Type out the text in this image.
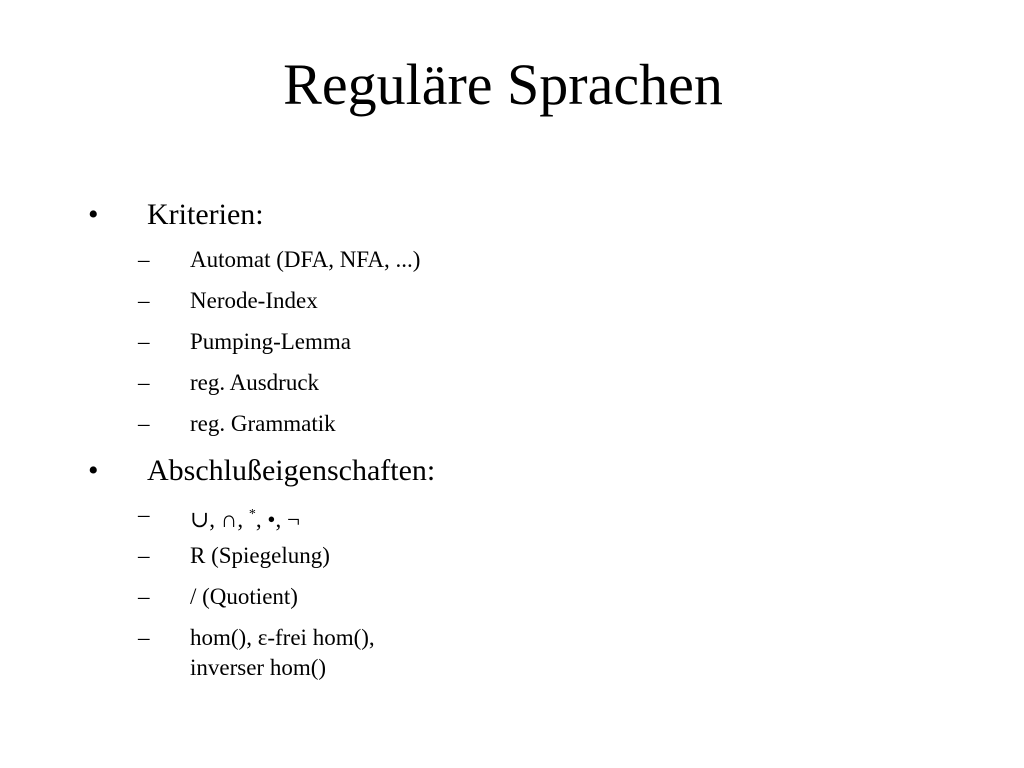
Reguläre Sprachen
• Kriterien:
– Automat (DFA, NFA, ...)
– Nerode-Index
– Pumping-Lemma
– reg. Ausdruck
– reg. Grammatik
• Abschlußeigenschaften:
– ∪, ∩, *, •, ¬
– R (Spiegelung)
– / (Quotient)
– hom(), ε-frei hom(),
inverser hom()
